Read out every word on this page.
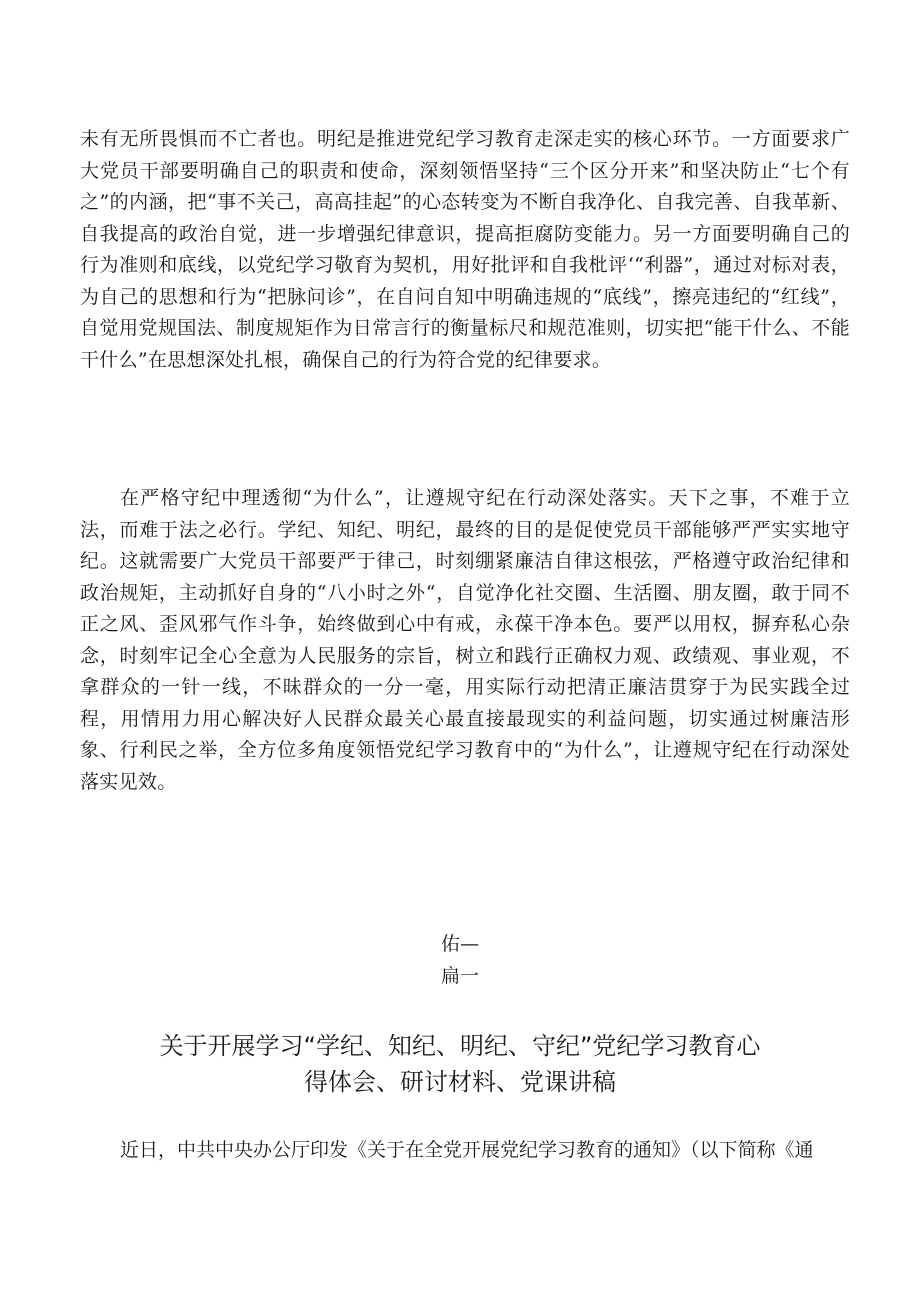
未有无所畏惧而不亡者也。明纪是推进党纪学习教育走深走实的核心环节。一方面要求广大党员干部要明确自己的职责和使命，深刻领悟坚持“三个区分开来”和坚决防止“七个有之”的内涵，把“事不关己，高高挂起”的心态转变为不断自我净化、自我完善、自我革新、自我提高的政治自觉，进一步增强纪律意识，提高拒腐防变能力。另一方面要明确自己的行为准则和底线，以党纪学习敬育为契机，用好批评和自我枇评‘“利器”，通过对标对表，为自己的思想和行为“把脉问诊”，在自问自知中明确违规的“底线”，擦亮违纪的“红线”，自觉用党规国法、制度规矩作为日常言行的衡量标尺和规范准则，切实把“能干什么、不能干什么”在思想深处扎根，确保自己的行为符合党的纪律要求。

在严格守纪中理透彻“为什么”，让遵规守纪在行动深处落实。天下之事，不难于立法，而难于法之必行。学纪、知纪、明纪，最终的目的是促使党员干部能够严严实实地守纪。这就需要广大党员干部要严于律己，时刻绷紧廉洁自律这根弦，严格遵守政治纪律和政治规矩，主动抓好自身的“八小时之外“，自觉净化社交圈、生活圈、朋友圈，敢于同不正之风、歪风邪气作斗争，始终做到心中有戒，永葆干净本色。要严以用权，摒弃私心杂念，时刻牢记全心全意为人民服务的宗旨，树立和践行正确权力观、政绩观、事业观，不拿群众的一针一线，不昧群众的一分一毫，用实际行动把清正廉洁贯穿于为民实践全过程，用情用力用心解决好人民群众最关心最直接最现实的利益问题，切实通过树廉洁形象、行利民之举，全方位多角度领悟党纪学习教育中的“为什么”，让遵规守纪在行动深处落实见效。

佑—

扁一

关于开展学习“学纪、知纪、明纪、守纪”党纪学习教育心
得体会、研讨材料、党课讲稿

近日，中共中央办公厅印发《关于在全党开展党纪学习教育的通知》（以下简称《通
